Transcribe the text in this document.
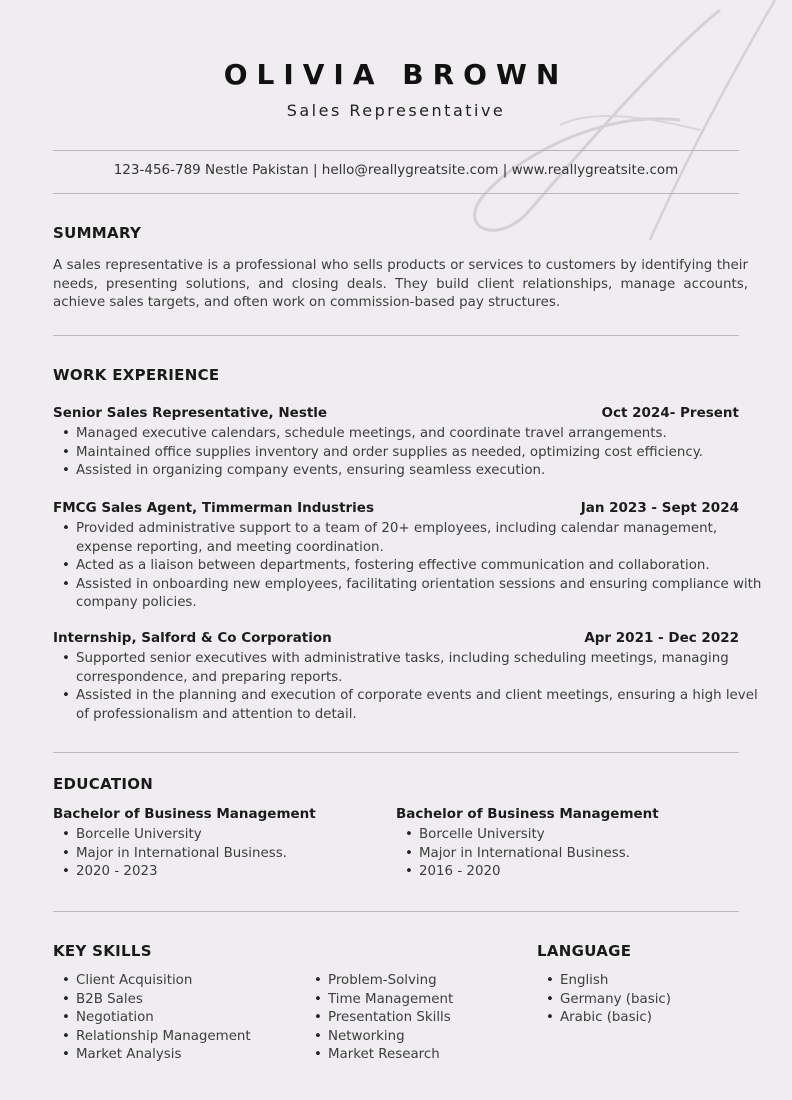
OLIVIA BROWN
Sales Representative
123-456-789 Nestle Pakistan | hello@reallygreatsite.com | www.reallygreatsite.com
SUMMARY
A sales representative is a professional who sells products or services to customers by identifying their needs, presenting solutions, and closing deals. They build client relationships, manage accounts, achieve sales targets, and often work on commission-based pay structures.
WORK EXPERIENCE
Senior Sales Representative, Nestle	Oct 2024- Present
• Managed executive calendars, schedule meetings, and coordinate travel arrangements.
• Maintained office supplies inventory and order supplies as needed, optimizing cost efficiency.
• Assisted in organizing company events, ensuring seamless execution.
FMCG Sales Agent, Timmerman Industries	Jan 2023 - Sept 2024
• Provided administrative support to a team of 20+ employees, including calendar management, expense reporting, and meeting coordination.
• Acted as a liaison between departments, fostering effective communication and collaboration.
• Assisted in onboarding new employees, facilitating orientation sessions and ensuring compliance with company policies.
Internship, Salford & Co Corporation	Apr 2021 - Dec 2022
• Supported senior executives with administrative tasks, including scheduling meetings, managing correspondence, and preparing reports.
• Assisted in the planning and execution of corporate events and client meetings, ensuring a high level of professionalism and attention to detail.
EDUCATION
Bachelor of Business Management
• Borcelle University
• Major in International Business.
• 2020 - 2023
Bachelor of Business Management
• Borcelle University
• Major in International Business.
• 2016 - 2020
KEY SKILLS
• Client Acquisition
• B2B Sales
• Negotiation
• Relationship Management
• Market Analysis
• Problem-Solving
• Time Management
• Presentation Skills
• Networking
• Market Research
LANGUAGE
• English
• Germany (basic)
• Arabic (basic)
